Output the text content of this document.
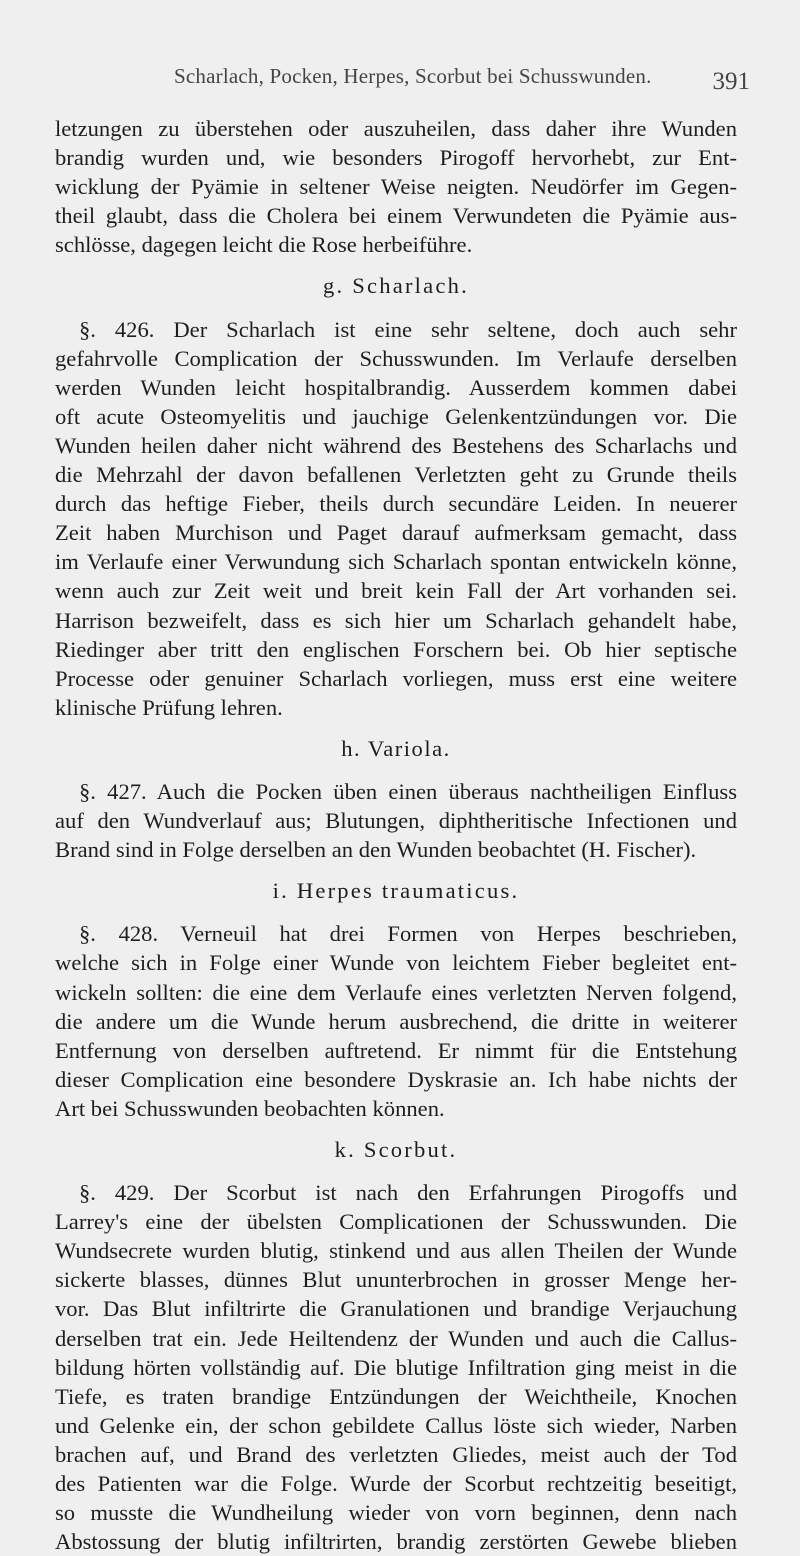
Scharlach, Pocken, Herpes, Scorbut bei Schusswunden. 391
letzungen zu überstehen oder auszuheilen, dass daher ihre Wunden
brandig wurden und, wie besonders Pirogoff hervorhebt, zur Ent-
wicklung der Pyämie in seltener Weise neigten. Neudörfer im Gegen-
theil glaubt, dass die Cholera bei einem Verwundeten die Pyämie aus-
schlösse, dagegen leicht die Rose herbeiführe.
g. Scharlach.
§. 426. Der Scharlach ist eine sehr seltene, doch auch sehr
gefahrvolle Complication der Schusswunden. Im Verlaufe derselben
werden Wunden leicht hospitalbrandig. Ausserdem kommen dabei
oft acute Osteomyelitis und jauchige Gelenkentzündungen vor. Die
Wunden heilen daher nicht während des Bestehens des Scharlachs und
die Mehrzahl der davon befallenen Verletzten geht zu Grunde theils
durch das heftige Fieber, theils durch secundäre Leiden. In neuerer
Zeit haben Murchison und Paget darauf aufmerksam gemacht, dass
im Verlaufe einer Verwundung sich Scharlach spontan entwickeln könne,
wenn auch zur Zeit weit und breit kein Fall der Art vorhanden sei.
Harrison bezweifelt, dass es sich hier um Scharlach gehandelt habe,
Riedinger aber tritt den englischen Forschern bei. Ob hier septische
Processe oder genuiner Scharlach vorliegen, muss erst eine weitere
klinische Prüfung lehren.
h. Variola.
§. 427. Auch die Pocken üben einen überaus nachtheiligen Einfluss
auf den Wundverlauf aus; Blutungen, diphtheritische Infectionen und
Brand sind in Folge derselben an den Wunden beobachtet (H. Fischer).
i. Herpes traumaticus.
§. 428. Verneuil hat drei Formen von Herpes beschrieben,
welche sich in Folge einer Wunde von leichtem Fieber begleitet ent-
wickeln sollten: die eine dem Verlaufe eines verletzten Nerven folgend,
die andere um die Wunde herum ausbrechend, die dritte in weiterer
Entfernung von derselben auftretend. Er nimmt für die Entstehung
dieser Complication eine besondere Dyskrasie an. Ich habe nichts der
Art bei Schusswunden beobachten können.
k. Scorbut.
§. 429. Der Scorbut ist nach den Erfahrungen Pirogoffs und
Larrey's eine der übelsten Complicationen der Schusswunden. Die
Wundsecrete wurden blutig, stinkend und aus allen Theilen der Wunde
sickerte blasses, dünnes Blut ununterbrochen in grosser Menge her-
vor. Das Blut infiltrirte die Granulationen und brandige Verjauchung
derselben trat ein. Jede Heiltendenz der Wunden und auch die Callus-
bildung hörten vollständig auf. Die blutige Infiltration ging meist in die
Tiefe, es traten brandige Entzündungen der Weichtheile, Knochen
und Gelenke ein, der schon gebildete Callus löste sich wieder, Narben
brachen auf, und Brand des verletzten Gliedes, meist auch der Tod
des Patienten war die Folge. Wurde der Scorbut rechtzeitig beseitigt,
so musste die Wundheilung wieder von vorn beginnen, denn nach
Abstossung der blutig infiltrirten, brandig zerstörten Gewebe blieben
